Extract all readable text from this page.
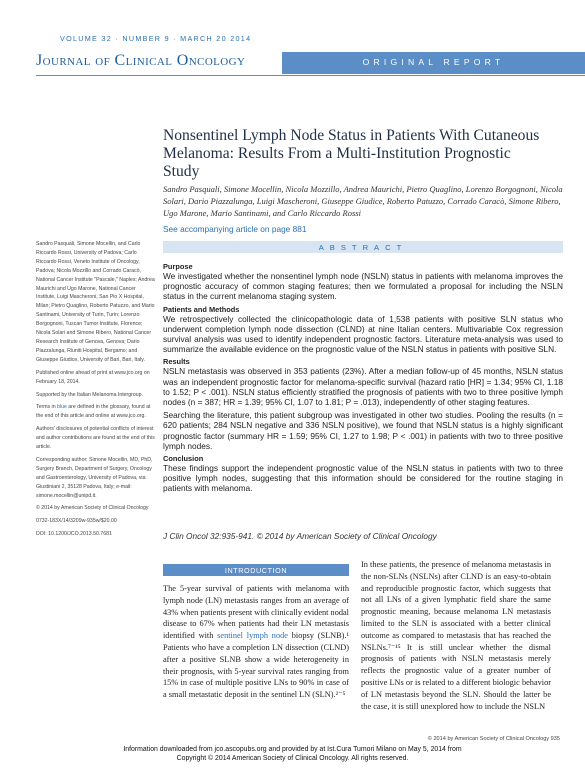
VOLUME 32 · NUMBER 9 · MARCH 20 2014
Journal of Clinical Oncology	ORIGINAL REPORT
Nonsentinel Lymph Node Status in Patients With Cutaneous Melanoma: Results From a Multi-Institution Prognostic Study
Sandro Pasquali, Simone Mocellin, Nicola Mozzillo, Andrea Maurichi, Pietro Quaglino, Lorenzo Borgognoni, Nicola Solari, Dario Piazzalunga, Luigi Mascheroni, Giuseppe Giudice, Roberto Patuzzo, Corrado Caracò, Simone Ribero, Ugo Marone, Mario Santinami, and Carlo Riccardo Rossi
See accompanying article on page 881

Sandro Pasquali, Simone Mocellin, and Carlo Riccardo Rossi, University of Padova; Carlo Riccardo Rossi, Veneto Institute of Oncology, Padova; Nicola Mozzillo and Corrado Caracò, National Cancer Institute "Pascale," Naples; Andrea Maurichi and Ugo Marone, National Cancer Institute, Luigi Mascheroni, San Pio X Hospital, Milan; Pietro Quaglino, Roberto Patuzzo, and Mario Santinami, University of Turin, Turin; Lorenzo Borgognoni, Tuscan Tumor Institute, Florence; Nicola Solari and Simone Ribero, National Cancer Research Institute of Genova, Genova; Dario Piazzalunga, Riuniti Hospital, Bergamo; and Giuseppe Giudice, University of Bari, Bari, Italy.

Published online ahead of print at www.jco.org on February 18, 2014.

Supported by the Italian Melanoma Intergroup.

Terms in blue are defined in the glossary, found at the end of this article and online at www.jco.org.

Authors' disclosures of potential conflicts of interest and author contributions are found at the end of this article.

Corresponding author: Simone Mocellin, MD, PhD, Surgery Branch, Department of Surgery, Oncology and Gastroenterology, University of Padova, via Giustiniani 2, 35128 Padova, Italy; e-mail: simone.mocellin@unipd.it.

© 2014 by American Society of Clinical Oncology

0732-183X/14/3209w-935w/$20.00

DOI: 10.1200/JCO.2013.50.7681

ABSTRACT
Purpose

We investigated whether the nonsentinel lymph node (NSLN) status in patients with melanoma improves the prognostic accuracy of common staging features; then we formulated a proposal for including the NSLN status in the current melanoma staging system.

Patients and Methods

We retrospectively collected the clinicopathologic data of 1,538 patients with positive SLN status who underwent completion lymph node dissection (CLND) at nine Italian centers. Multivariable Cox regression survival analysis was used to identify independent prognostic factors. Literature meta-analysis was used to summarize the available evidence on the prognostic value of the NSLN status in patients with positive SLN.

Results

NSLN metastasis was observed in 353 patients (23%). After a median follow-up of 45 months, NSLN status was an independent prognostic factor for melanoma-specific survival (hazard ratio [HR] = 1.34; 95% CI, 1.18 to 1.52; P < .001). NSLN status efficiently stratified the prognosis of patients with two to three positive lymph nodes (n = 387; HR = 1.39; 95% CI, 1.07 to 1.81; P = .013), independently of other staging features.

Searching the literature, this patient subgroup was investigated in other two studies. Pooling the results (n = 620 patients; 284 NSLN negative and 336 NSLN positive), we found that NSLN status is a highly significant prognostic factor (summary HR = 1.59; 95% CI, 1.27 to 1.98; P < .001) in patients with two to three positive lymph nodes.

Conclusion

These findings support the independent prognostic value of the NSLN status in patients with two to three positive lymph nodes, suggesting that this information should be considered for the routine staging in patients with melanoma.

J Clin Oncol 32:935-941. © 2014 by American Society of Clinical Oncology
INTRODUCTION
The 5-year survival of patients with melanoma with lymph node (LN) metastasis ranges from an average of 43% when patients present with clinically evident nodal disease to 67% when patients had their LN metastasis identified with sentinel lymph node biopsy (SLNB).¹ Patients who have a completion LN dissection (CLND) after a positive SLNB show a wide heterogeneity in their prognosis, with 5-year survival rates ranging from 15% in case of multiple positive LNs to 90% in case of a small metastatic deposit in the sentinel LN (SLN).²⁻⁵
In these patients, the presence of melanoma metastasis in the non-SLNs (NSLNs) after CLND is an easy-to-obtain and reproducible prognostic factor, which suggests that not all LNs of a given lymphatic field share the same prognostic meaning, because melanoma LN metastasis limited to the SLN is associated with a better clinical outcome as compared to metastasis that has reached the NSLNs.⁷⁻¹⁵ It is still unclear whether the dismal prognosis of patients with NSLN metastasis merely reflects the prognostic value of a greater number of positive LNs or is related to a different biologic behavior of LN metastasis beyond the SLN. Should the latter be the case, it is still unexplored how to include the NSLN
© 2014 by American Society of Clinical Oncology 935
Information downloaded from jco.ascopubs.org and provided by at Ist.Cura Tumori Milano on May 5, 2014 from
Copyright © 2014 American Society of Clinical Oncology. All rights reserved.
